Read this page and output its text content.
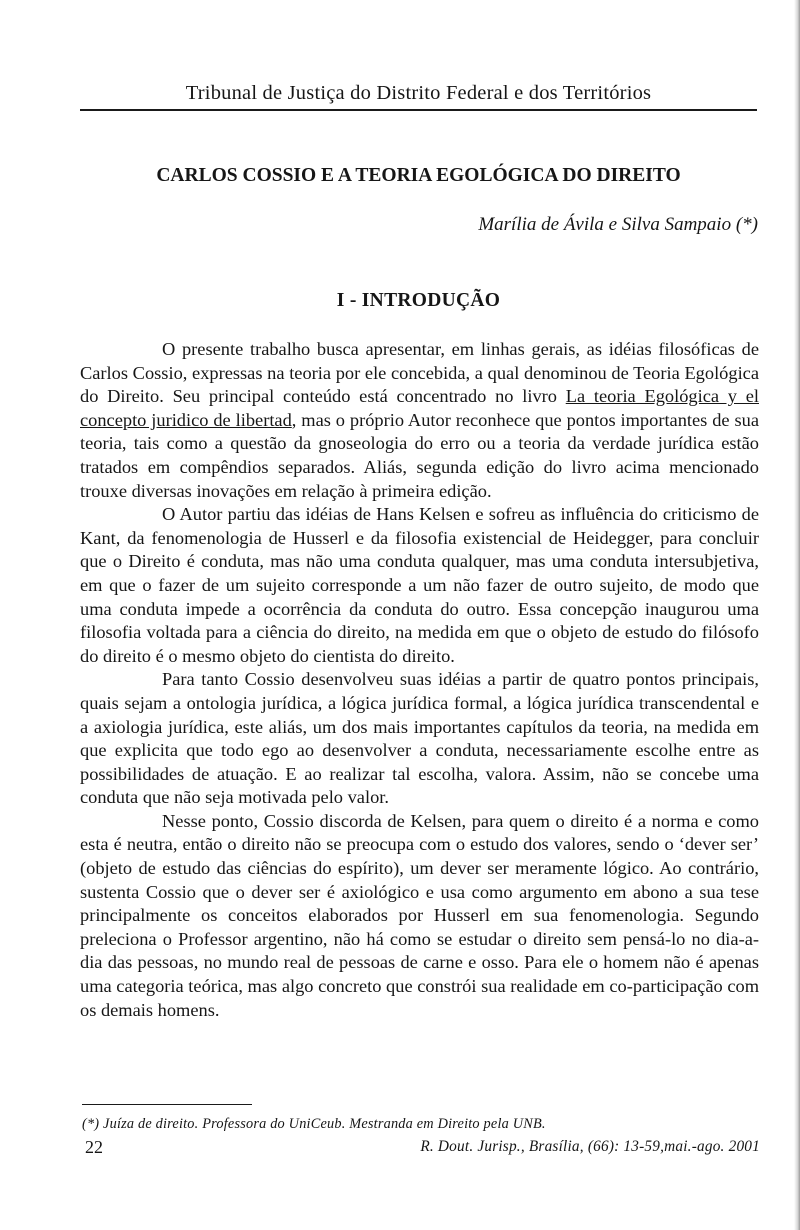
Tribunal de Justiça do Distrito Federal e dos Territórios
CARLOS COSSIO E A TEORIA EGOLÓGICA DO DIREITO
Marília de Ávila e Silva Sampaio (*)
I - INTRODUÇÃO

O presente trabalho busca apresentar, em linhas gerais, as idéias filosóficas de Carlos Cossio, expressas na teoria por ele concebida, a qual denominou de Teoria Egológica do Direito. Seu principal conteúdo está concentrado no livro La teoria Egológica y el concepto juridico de libertad, mas o próprio Autor reconhece que pontos importantes de sua teoria, tais como a questão da gnoseologia do erro ou a teoria da verdade jurídica estão tratados em compêndios separados. Aliás, segunda edição do livro acima mencionado trouxe diversas inovações em relação à primeira edição.

O Autor partiu das idéias de Hans Kelsen e sofreu as influência do criticismo de Kant, da fenomenologia de Husserl e da filosofia existencial de Heidegger, para concluir que o Direito é conduta, mas não uma conduta qualquer, mas uma conduta intersubjetiva, em que o fazer de um sujeito corresponde a um não fazer de outro sujeito, de modo que uma conduta impede a ocorrência da conduta do outro. Essa concepção inaugurou uma filosofia voltada para a ciência do direito, na medida em que o objeto de estudo do filósofo do direito é o mesmo objeto do cientista do direito.

Para tanto Cossio desenvolveu suas idéias a partir de quatro pontos principais, quais sejam a ontologia jurídica, a lógica jurídica formal, a lógica jurídica transcendental e a axiologia jurídica, este aliás, um dos mais importantes capítulos da teoria, na medida em que explicita que todo ego ao desenvolver a conduta, necessariamente escolhe entre as possibilidades de atuação. E ao realizar tal escolha, valora. Assim, não se concebe uma conduta que não seja motivada pelo valor.

Nesse ponto, Cossio discorda de Kelsen, para quem o direito é a norma e como esta é neutra, então o direito não se preocupa com o estudo dos valores, sendo o ‘dever ser’ (objeto de estudo das ciências do espírito), um dever ser meramente lógico. Ao contrário, sustenta Cossio que o dever ser é axiológico e usa como argumento em abono a sua tese principalmente os conceitos elaborados por Husserl em sua fenomenologia. Segundo preleciona o Professor argentino, não há como se estudar o direito sem pensá-lo no dia-a-dia das pessoas, no mundo real de pessoas de carne e osso. Para ele o homem não é apenas uma categoria teórica, mas algo concreto que constrói sua realidade em co-participação com os demais homens.

(*) Juíza de direito. Professora do UniCeub. Mestranda em Direito pela UNB.
22	R. Dout. Jurisp., Brasília, (66): 13-59,mai.-ago. 2001
